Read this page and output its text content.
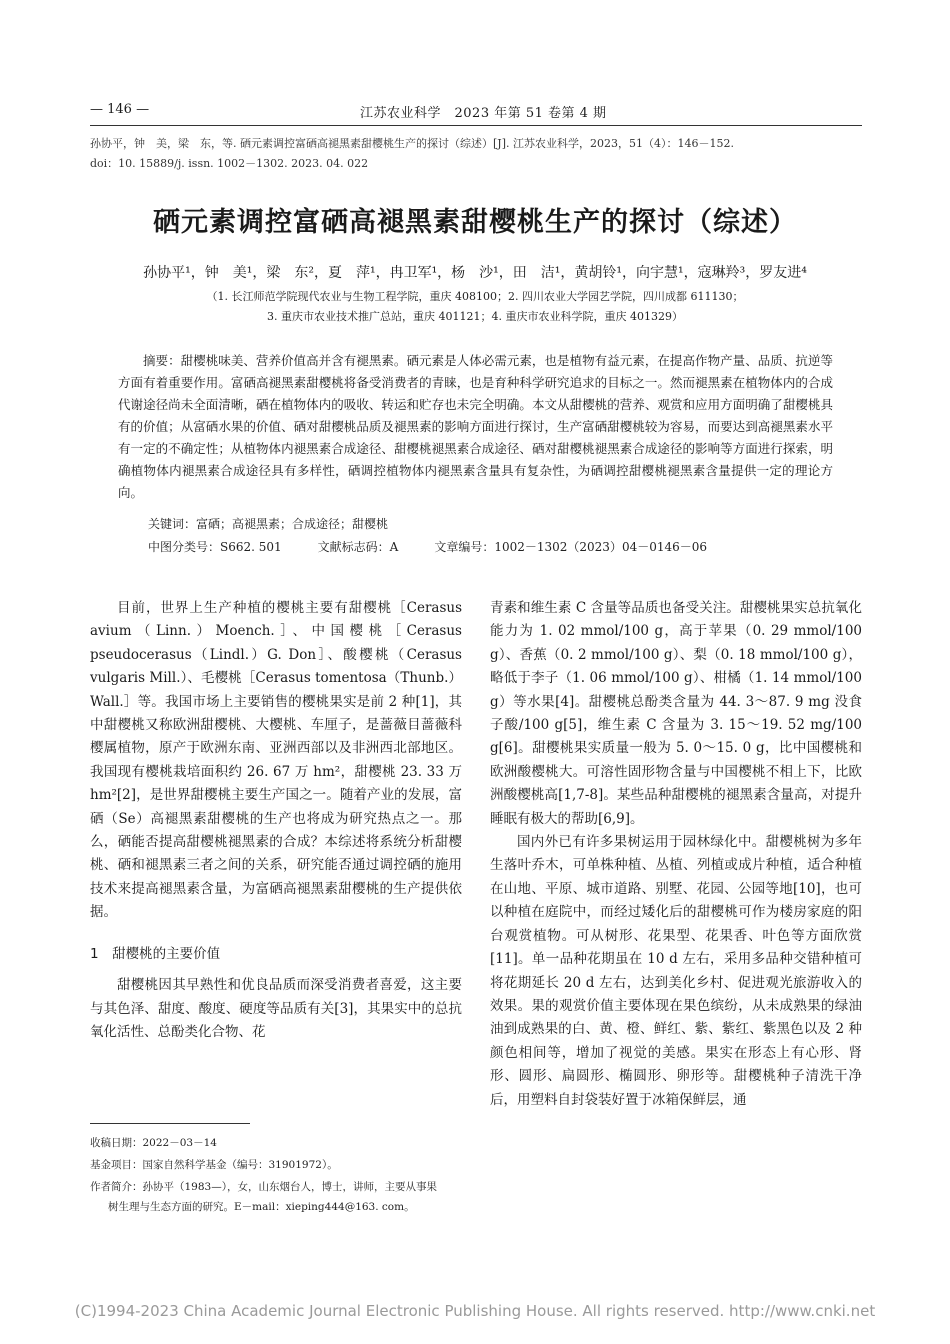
— 146 —	江苏农业科学　2023 年第 51 卷第 4 期
孙协平，钟　美，梁　东，等. 硒元素调控富硒高褪黑素甜樱桃生产的探讨（综述）[J]. 江苏农业科学，2023，51（4）：146－152.
doi：10. 15889/j. issn. 1002－1302. 2023. 04. 022
硒元素调控富硒高褪黑素甜樱桃生产的探讨（综述）
孙协平¹，钟　美¹，梁　东²，夏　萍¹，冉卫军¹，杨　沙¹，田　洁¹，黄胡铃¹，向宇慧¹，寇琳羚³，罗友进⁴
（1. 长江师范学院现代农业与生物工程学院，重庆 408100；2. 四川农业大学园艺学院，四川成都 611130；
3. 重庆市农业技术推广总站，重庆 401121；4. 重庆市农业科学院，重庆 401329）
摘要：甜樱桃味美、营养价值高并含有褪黑素。硒元素是人体必需元素，也是植物有益元素，在提高作物产量、品质、抗逆等方面有着重要作用。富硒高褪黑素甜樱桃将备受消费者的青睐，也是育种科学研究追求的目标之一。然而褪黑素在植物体内的合成代谢途径尚未全面清晰，硒在植物体内的吸收、转运和贮存也未完全明确。本文从甜樱桃的营养、观赏和应用方面明确了甜樱桃具有的价值；从富硒水果的价值、硒对甜樱桃品质及褪黑素的影响方面进行探讨，生产富硒甜樱桃较为容易，而要达到高褪黑素水平有一定的不确定性；从植物体内褪黑素合成途径、甜樱桃褪黑素合成途径、硒对甜樱桃褪黑素合成途径的影响等方面进行探索，明确植物体内褪黑素合成途径具有多样性，硒调控植物体内褪黑素含量具有复杂性，为硒调控甜樱桃褪黑素含量提供一定的理论方向。
关键词：富硒；高褪黑素；合成途径；甜樱桃
中图分类号：S662. 501　　　文献标志码：A　　　文章编号：1002－1302（2023）04－0146－06

目前，世界上生产种植的樱桃主要有甜樱桃［Cerasus avium（Linn.）Moench.］、中国樱桃［Cerasus pseudocerasus（Lindl.）G. Don］、酸樱桃（Cerasus vulgaris Mill.）、毛樱桃［Cerasus tomentosa（Thunb.）Wall.］等。我国市场上主要销售的樱桃果实是前 2 种[1]，其中甜樱桃又称欧洲甜樱桃、大樱桃、车厘子，是蔷薇目蔷薇科樱属植物，原产于欧洲东南、亚洲西部以及非洲西北部地区。我国现有樱桃栽培面积约 26. 67 万 hm²，甜樱桃 23. 33 万 hm²[2]，是世界甜樱桃主要生产国之一。随着产业的发展，富硒（Se）高褪黑素甜樱桃的生产也将成为研究热点之一。那么，硒能否提高甜樱桃褪黑素的合成？本综述将系统分析甜樱桃、硒和褪黑素三者之间的关系，研究能否通过调控硒的施用技术来提高褪黑素含量，为富硒高褪黑素甜樱桃的生产提供依据。

1　甜樱桃的主要价值

甜樱桃因其早熟性和优良品质而深受消费者喜爱，这主要与其色泽、甜度、酸度、硬度等品质有关[3]，其果实中的总抗氧化活性、总酚类化合物、花

青素和维生素 C 含量等品质也备受关注。甜樱桃果实总抗氧化能力为 1. 02 mmol/100 g，高于苹果（0. 29 mmol/100 g）、香蕉（0. 2 mmol/100 g）、梨（0. 18 mmol/100 g），略低于李子（1. 06 mmol/100 g）、柑橘（1. 14 mmol/100 g）等水果[4]。甜樱桃总酚类含量为 44. 3～87. 9 mg 没食子酸/100 g[5]，维生素 C 含量为 3. 15～19. 52 mg/100 g[6]。甜樱桃果实质量一般为 5. 0～15. 0 g，比中国樱桃和欧洲酸樱桃大。可溶性固形物含量与中国樱桃不相上下，比欧洲酸樱桃高[1,7-8]。某些品种甜樱桃的褪黑素含量高，对提升睡眠有极大的帮助[6,9]。

国内外已有许多果树运用于园林绿化中。甜樱桃树为多年生落叶乔木，可单株种植、丛植、列植或成片种植，适合种植在山地、平原、城市道路、别墅、花园、公园等地[10]，也可以种植在庭院中，而经过矮化后的甜樱桃可作为楼房家庭的阳台观赏植物。可从树形、花果型、花果香、叶色等方面欣赏[11]。单一品种花期虽在 10 d 左右，采用多品种交错种植可将花期延长 20 d 左右，达到美化乡村、促进观光旅游收入的效果。果的观赏价值主要体现在果色缤纷，从未成熟果的绿油油到成熟果的白、黄、橙、鲜红、紫、紫红、紫黑色以及 2 种颜色相间等，增加了视觉的美感。果实在形态上有心形、肾形、圆形、扁圆形、椭圆形、卵形等。甜樱桃种子清洗干净后，用塑料自封袋装好置于冰箱保鲜层，通

收稿日期：2022－03－14
基金项目：国家自然科学基金（编号：31901972）。
作者简介：孙协平（1983—），女，山东烟台人，博士，讲师，主要从事果
树生理与生态方面的研究。E－mail：xieping444@163. com。
(C)1994-2023 China Academic Journal Electronic Publishing House. All rights reserved. http://www.cnki.net
